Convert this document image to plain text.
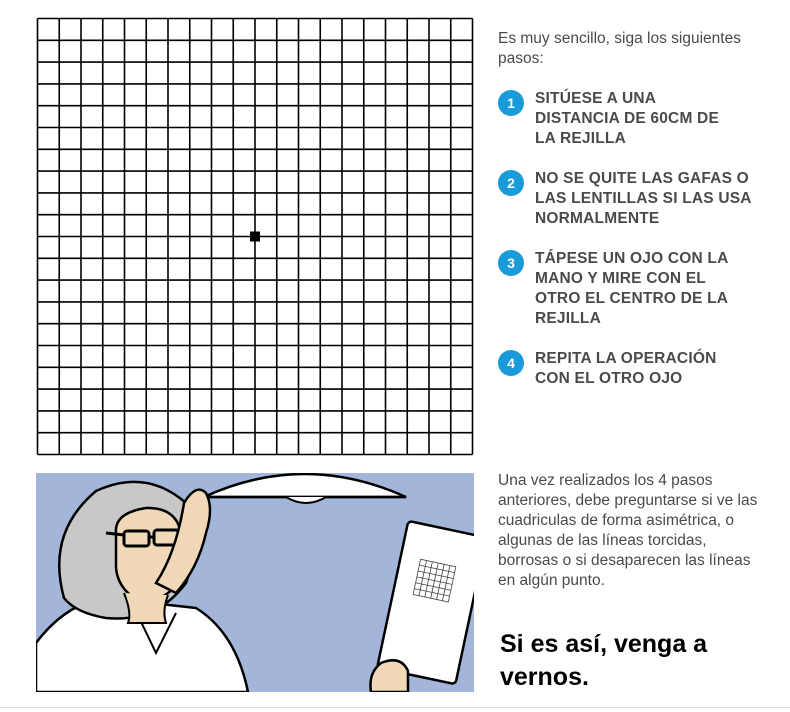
Es muy sencillo, siga los siguientes pasos:

1	SITÚESE A UNA DISTANCIA DE 60CM DE LA REJILLA

2	NO SE QUITE LAS GAFAS O LAS LENTILLAS SI LAS USA NORMALMENTE

3	TÁPESE UN OJO CON LA MANO Y MIRE CON EL OTRO EL CENTRO DE LA REJILLA

4	REPITA LA OPERACIÓN CON EL OTRO OJO

Una vez realizados los 4 pasos anteriores, debe preguntarse si ve las cuadriculas de forma asimétrica, o algunas de las líneas torcidas, borrosas o si desaparecen las líneas en algún punto.

Si es así, venga a vernos.
